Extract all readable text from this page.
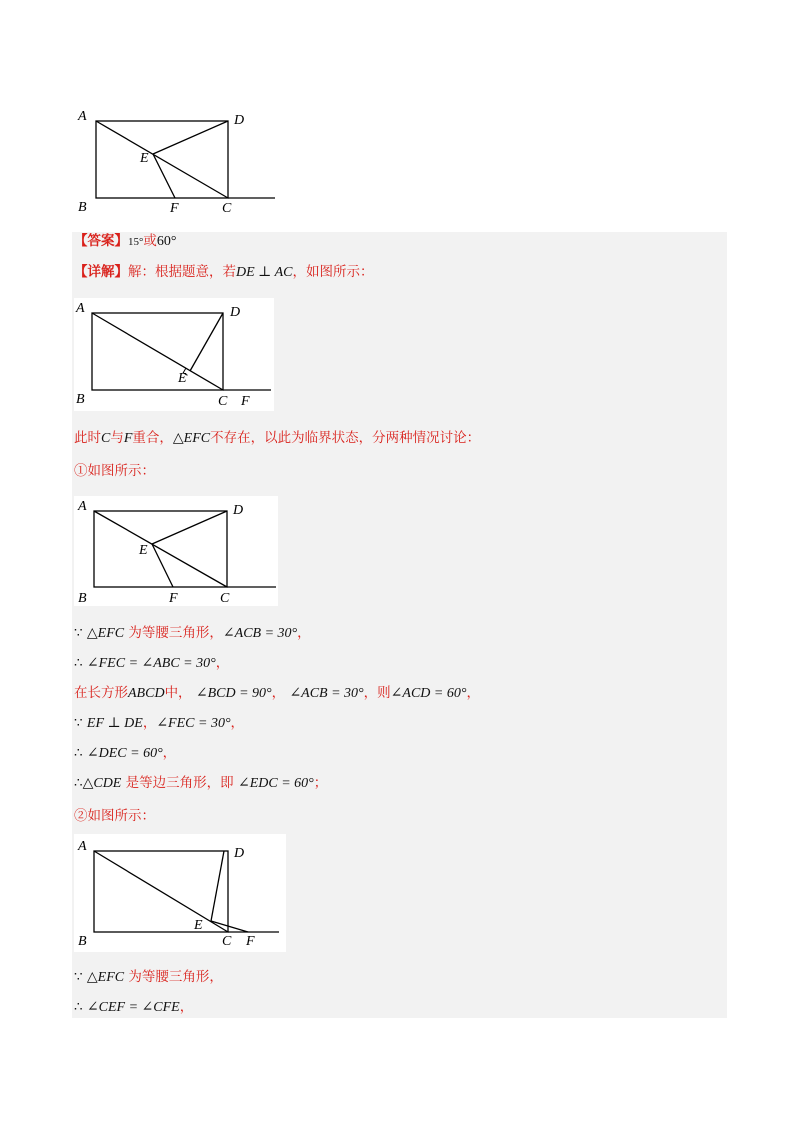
A	D
E
B	F	C
【答案】15°或60°
【详解】解：根据题意，若DE ⊥ AC，如图所示：
A	D
E
B	C F
此时C与F重合，△EFC不存在，以此为临界状态，分两种情况讨论：
①如图所示：
A	D
E
B	F	C
∵ △EFC 为等腰三角形，∠ACB = 30°，
∴ ∠FEC = ∠ABC = 30°，
在长方形ABCD中， ∠BCD = 90°， ∠ACB = 30°，则∠ACD = 60°，
∵ EF ⊥ DE，∠FEC = 30°，
∴ ∠DEC = 60°，
∴△CDE 是等边三角形，即 ∠EDC = 60°；
②如图所示：
A	D
E
B	C F
∵ △EFC 为等腰三角形，
∴ ∠CEF = ∠CFE，
